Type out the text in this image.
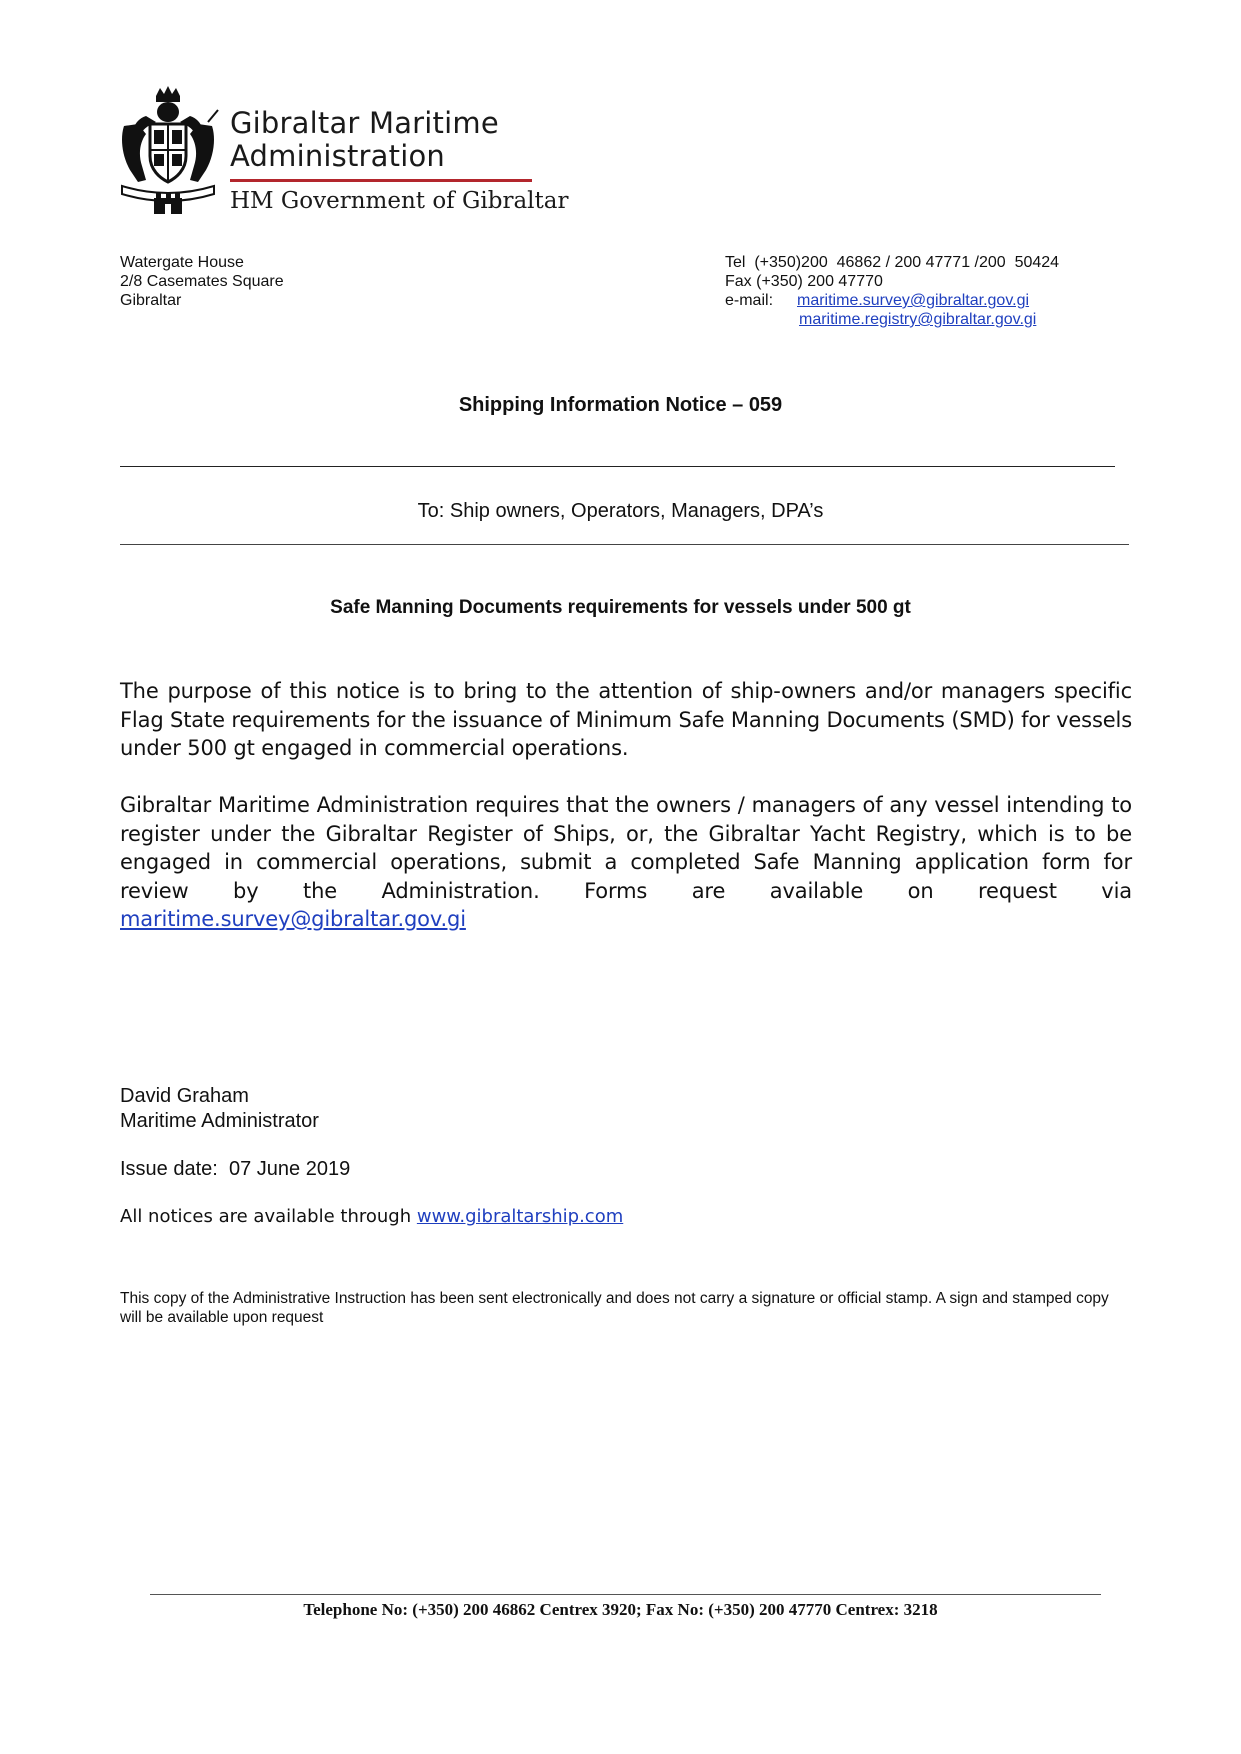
Gibraltar Maritime
Administration
HM Government of Gibraltar
Watergate House
2/8 Casemates Square
Gibraltar
Tel (+350)200  46862 / 200 47771 /200  50424
Fax (+350) 200 47770
e-mail: maritime.survey@gibraltar.gov.gi
maritime.registry@gibraltar.gov.gi
Shipping Information Notice – 059
To: Ship owners, Operators, Managers, DPA’s
Safe Manning Documents requirements for vessels under 500 gt
The purpose of this notice is to bring to the attention of ship-owners and/or managers specific Flag State requirements for the issuance of Minimum Safe Manning Documents (SMD) for vessels under 500 gt engaged in commercial operations.
Gibraltar Maritime Administration requires that the owners / managers of any vessel intending to register under the Gibraltar Register of Ships, or, the Gibraltar Yacht Registry, which is to be engaged in commercial operations, submit a completed Safe Manning application form for review by the Administration. Forms are available on request via maritime.survey@gibraltar.gov.gi
David Graham
Maritime Administrator
Issue date: 07 June 2019
All notices are available through www.gibraltarship.com
This copy of the Administrative Instruction has been sent electronically and does not carry a signature or official stamp. A sign and stamped copy will be available upon request
Telephone No: (+350) 200 46862 Centrex 3920; Fax No: (+350) 200 47770 Centrex: 3218
